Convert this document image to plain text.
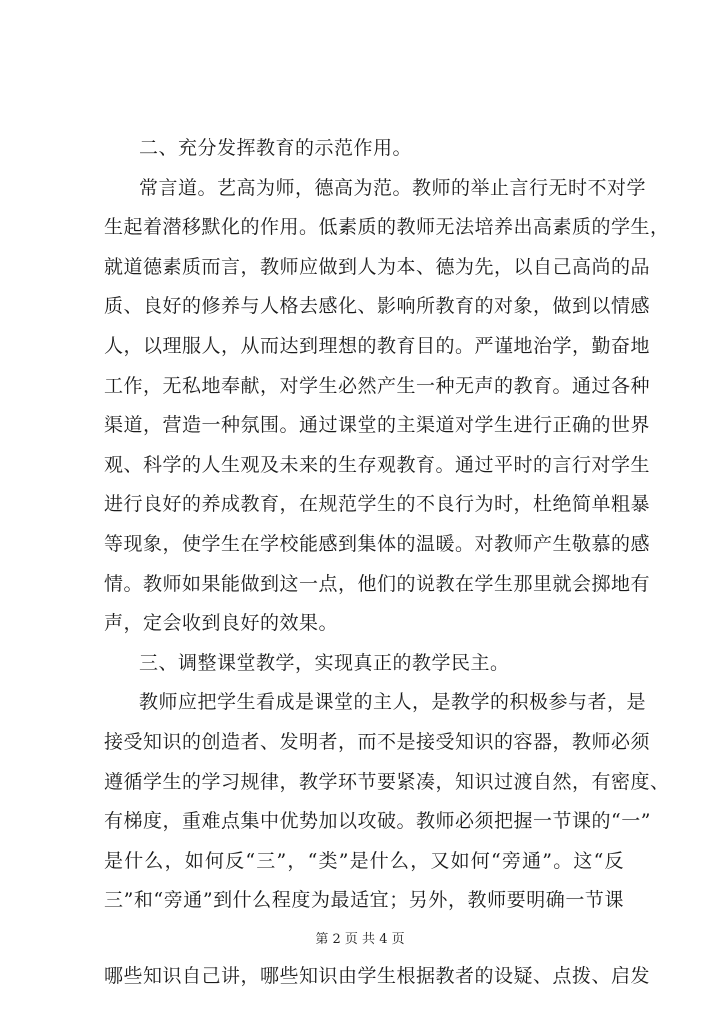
二、充分发挥教育的示范作用。
常言道。艺高为师，德高为范。教师的举止言行无时不对学
生起着潜移默化的作用。低素质的教师无法培养出高素质的学生，
就道德素质而言，教师应做到人为本、德为先，以自己高尚的品
质、良好的修养与人格去感化、影响所教育的对象，做到以情感
人，以理服人，从而达到理想的教育目的。严谨地治学，勤奋地
工作，无私地奉献，对学生必然产生一种无声的教育。通过各种
渠道，营造一种氛围。通过课堂的主渠道对学生进行正确的世界
观、科学的人生观及未来的生存观教育。通过平时的言行对学生
进行良好的养成教育，在规范学生的不良行为时，杜绝简单粗暴
等现象，使学生在学校能感到集体的温暖。对教师产生敬慕的感
情。教师如果能做到这一点，他们的说教在学生那里就会掷地有
声，定会收到良好的效果。
三、调整课堂教学，实现真正的教学民主。
教师应把学生看成是课堂的主人，是教学的积极参与者，是
接受知识的创造者、发明者，而不是接受知识的容器，教师必须
遵循学生的学习规律，教学环节要紧凑，知识过渡自然，有密度、
有梯度，重难点集中优势加以攻破。教师必须把握一节课的“一”
是什么，如何反“三”，“类”是什么，又如何“旁通”。这“反
三”和“旁通”到什么程度为最适宜；另外，教师要明确一节课
第 2 页 共 4 页
哪些知识自己讲，哪些知识由学生根据教者的设疑、点拨、启发
